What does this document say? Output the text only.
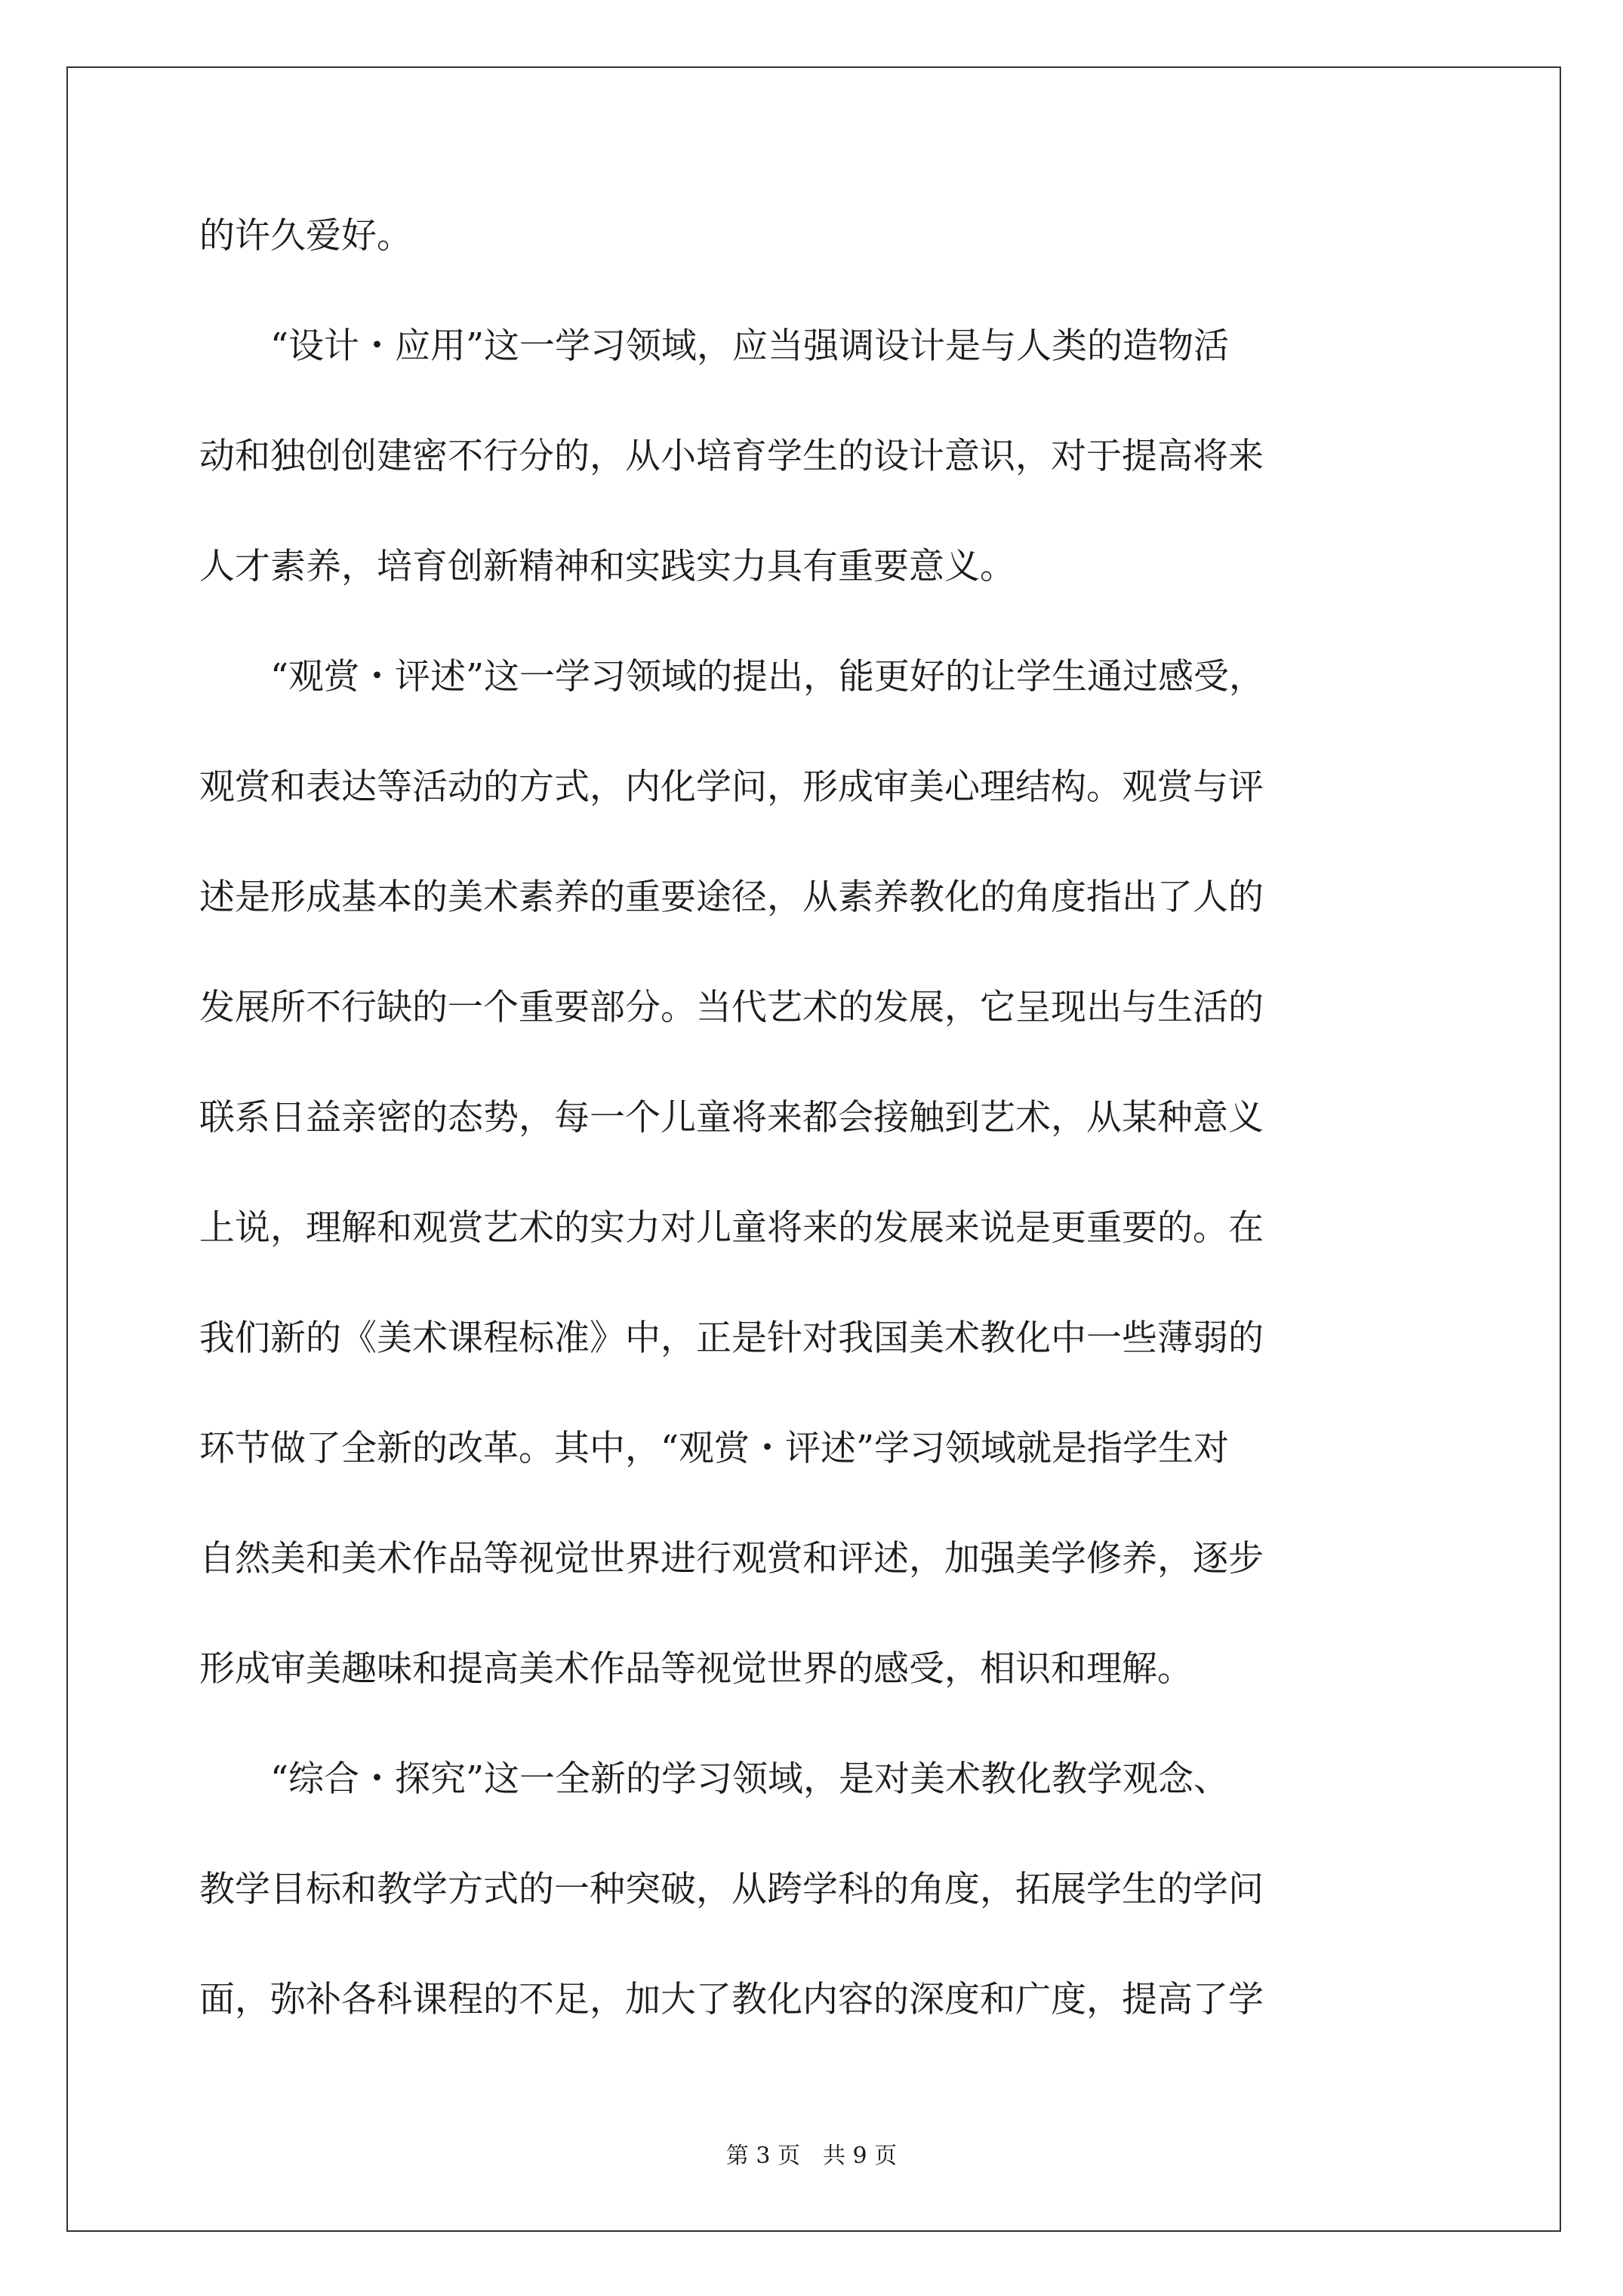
的许久爱好。
“设计・应用”这一学习领域，应当强调设计是与人类的造物活
动和独创创建密不行分的，从小培育学生的设计意识，对于提高将来
人才素养，培育创新精神和实践实力具有重要意义。
“观赏・评述”这一学习领域的提出，能更好的让学生通过感受，
观赏和表达等活动的方式，内化学问，形成审美心理结构。观赏与评
述是形成基本的美术素养的重要途径，从素养教化的角度指出了人的
发展所不行缺的一个重要部分。当代艺术的发展，它呈现出与生活的
联系日益亲密的态势，每一个儿童将来都会接触到艺术，从某种意义
上说，理解和观赏艺术的实力对儿童将来的发展来说是更重要的。在
我们新的《美术课程标准》中，正是针对我国美术教化中一些薄弱的
环节做了全新的改革。其中，“观赏・评述”学习领域就是指学生对
自然美和美术作品等视觉世界进行观赏和评述，加强美学修养，逐步
形成审美趣味和提高美术作品等视觉世界的感受，相识和理解。
“综合・探究”这一全新的学习领域，是对美术教化教学观念、
教学目标和教学方式的一种突破，从跨学科的角度，拓展学生的学问
面，弥补各科课程的不足，加大了教化内容的深度和广度，提高了学
第 3 页　共 9 页
